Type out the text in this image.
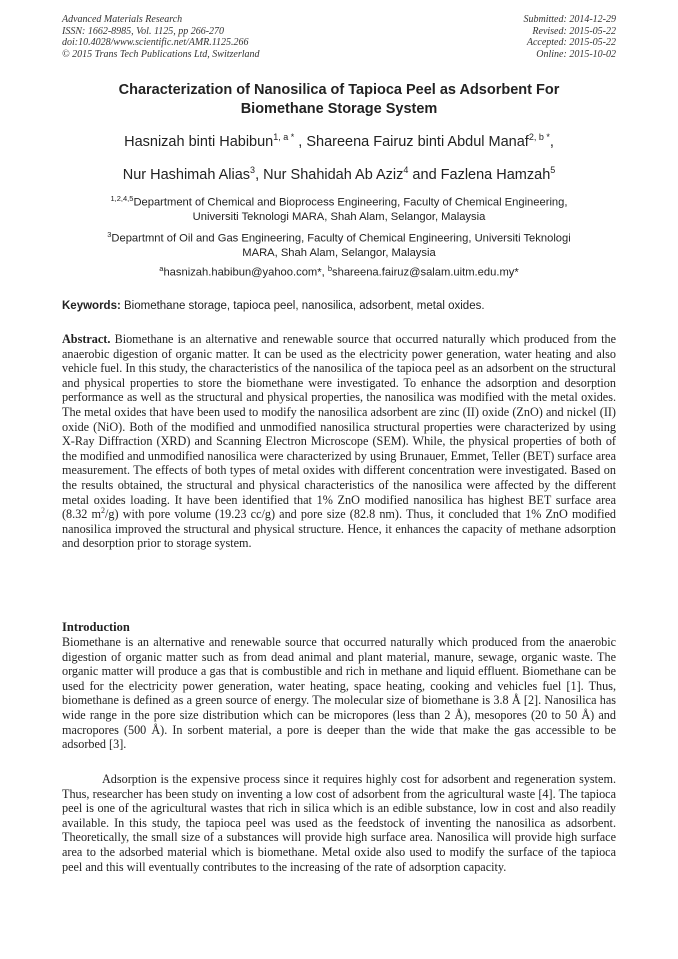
Advanced Materials Research
ISSN: 1662-8985, Vol. 1125, pp 266-270
doi:10.4028/www.scientific.net/AMR.1125.266
© 2015 Trans Tech Publications Ltd, Switzerland
Submitted: 2014-12-29
Revised: 2015-05-22
Accepted: 2015-05-22
Online: 2015-10-02
Characterization of Nanosilica of Tapioca Peel as Adsorbent For
Biomethane Storage System
Hasnizah binti Habibun$^{1, a *}$ , Shareena Fairuz binti Abdul Manaf$^{2, b *}$,
Nur Hashimah Alias$^3$, Nur Shahidah Ab Aziz$^4$ and Fazlena Hamzah$^5$
$^{1,2,4,5}$Department of Chemical and Bioprocess Engineering, Faculty of Chemical Engineering,
Universiti Teknologi MARA, Shah Alam, Selangor, Malaysia
$^3$Departmnt of Oil and Gas Engineering, Faculty of Chemical Engineering, Universiti Teknologi
MARA, Shah Alam, Selangor, Malaysia
$^a$hasnizah.habibun@yahoo.com*, $^b$shareena.fairuz@salam.uitm.edu.my*
Keywords: Biomethane storage, tapioca peel, nanosilica, adsorbent, metal oxides.
Abstract. Biomethane is an alternative and renewable source that occurred naturally which produced from the anaerobic digestion of organic matter. It can be used as the electricity power generation, water heating and also vehicle fuel. In this study, the characteristics of the nanosilica of the tapioca peel as an adsorbent on the structural and physical properties to store the biomethane were investigated. To enhance the adsorption and desorption performance as well as the structural and physical properties, the nanosilica was modified with the metal oxides. The metal oxides that have been used to modify the nanosilica adsorbent are zinc (II) oxide (ZnO) and nickel (II) oxide (NiO). Both of the modified and unmodified nanosilica structural properties were characterized by using X-Ray Diffraction (XRD) and Scanning Electron Microscope (SEM). While, the physical properties of both of the modified and unmodified nanosilica were characterized by using Brunauer, Emmet, Teller (BET) surface area measurement. The effects of both types of metal oxides with different concentration were investigated. Based on the results obtained, the structural and physical characteristics of the nanosilica were affected by the different metal oxides loading. It have been identified that 1% ZnO modified nanosilica has highest BET surface area (8.32 $m^2/g$) with pore volume (19.23 cc/g) and pore size (82.8 nm). Thus, it concluded that 1% ZnO modified nanosilica improved the structural and physical structure. Hence, it enhances the capacity of methane adsorption and desorption prior to storage system.
Introduction
Biomethane is an alternative and renewable source that occurred naturally which produced from the anaerobic digestion of organic matter such as from dead animal and plant material, manure, sewage, organic waste. The organic matter will produce a gas that is combustible and rich in methane and liquid effluent. Biomethane can be used for the electricity power generation, water heating, space heating, cooking and vehicles fuel [1]. Thus, biomethane is defined as a green source of energy. The molecular size of biomethane is 3.8 Å [2]. Nanosilica has wide range in the pore size distribution which can be micropores (less than 2 Å), mesopores (20 to 50 Å) and macropores (500 Å). In sorbent material, a pore is deeper than the wide that make the gas accessible to be adsorbed [3].
Adsorption is the expensive process since it requires highly cost for adsorbent and regeneration system. Thus, researcher has been study on inventing a low cost of adsorbent from the agricultural waste [4]. The tapioca peel is one of the agricultural wastes that rich in silica which is an edible substance, low in cost and also readily available. In this study, the tapioca peel was used as the feedstock of inventing the nanosilica as adsorbent. Theoretically, the small size of a substances will provide high surface area. Nanosilica will provide high surface area to the adsorbed material which is biomethane. Metal oxide also used to modify the surface of the tapioca peel and this will eventually contributes to the increasing of the rate of adsorption capacity.
